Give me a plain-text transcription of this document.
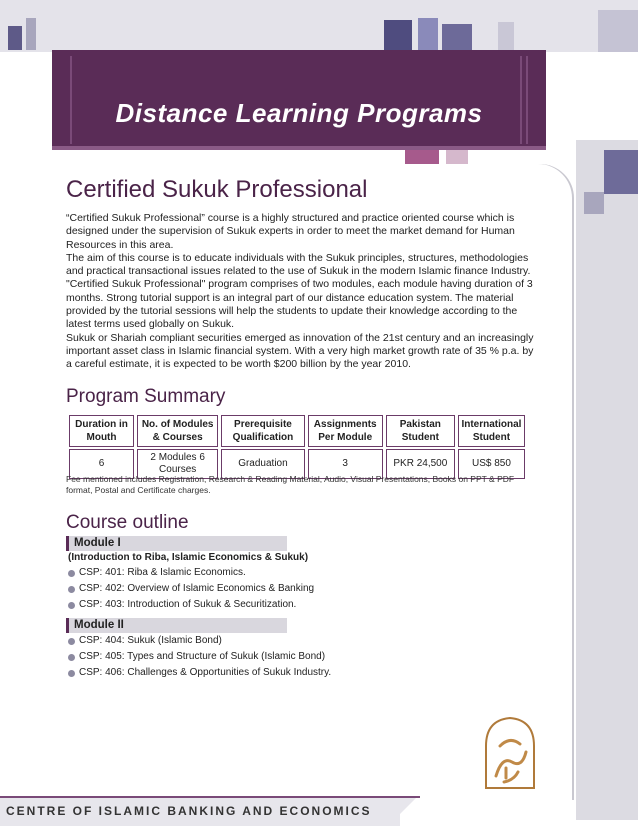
Distance Learning Programs
Certified Sukuk Professional

“Certified Sukuk Professional” course is a highly structured and practice oriented course which is designed under the supervision of Sukuk experts in order to meet the market demand for Human Resources in this area.

The aim of this course is to educate individuals with the Sukuk principles, structures, methodologies and practical transactional issues related to the use of Sukuk in the modern Islamic finance Industry.

"Certified Sukuk Professional" program comprises of two modules, each module having duration of 3 months. Strong tutorial support is an integral part of our distance education system. The material provided by the tutorial sessions will help the students to update their knowledge according to the latest terms used globally on Sukuk.

Sukuk or Shariah compliant securities emerged as innovation of the 21st century and an increasingly important asset class in Islamic financial system. With a very high market growth rate of 35 % p.a. by a careful estimate, it is expected to be worth $200 billion by the year 2010.

Program Summary
Duration in Mouth	No. of Modules & Courses	Prerequisite Qualification	Assignments Per Module	Pakistan Student	International Student
6	2 Modules 6 Courses	Graduation	3	PKR 24,500	US$ 850
Fee mentioned includes Registration, Research & Reading Material, Audio, Visual Presentations, Books on PPT & PDF format, Postal and Certificate charges.
Course outline
Module I
(Introduction to Riba, Islamic Economics & Sukuk)
CSP: 401: Riba & Islamic Economics.
CSP: 402: Overview of Islamic Economics & Banking
CSP: 403: Introduction of Sukuk & Securitization.
Module II
CSP: 404: Sukuk (Islamic Bond)
CSP: 405: Types and Structure of Sukuk (Islamic Bond)
CSP: 406: Challenges & Opportunities of Sukuk Industry.
CENTRE OF ISLAMIC BANKING AND ECONOMICS
